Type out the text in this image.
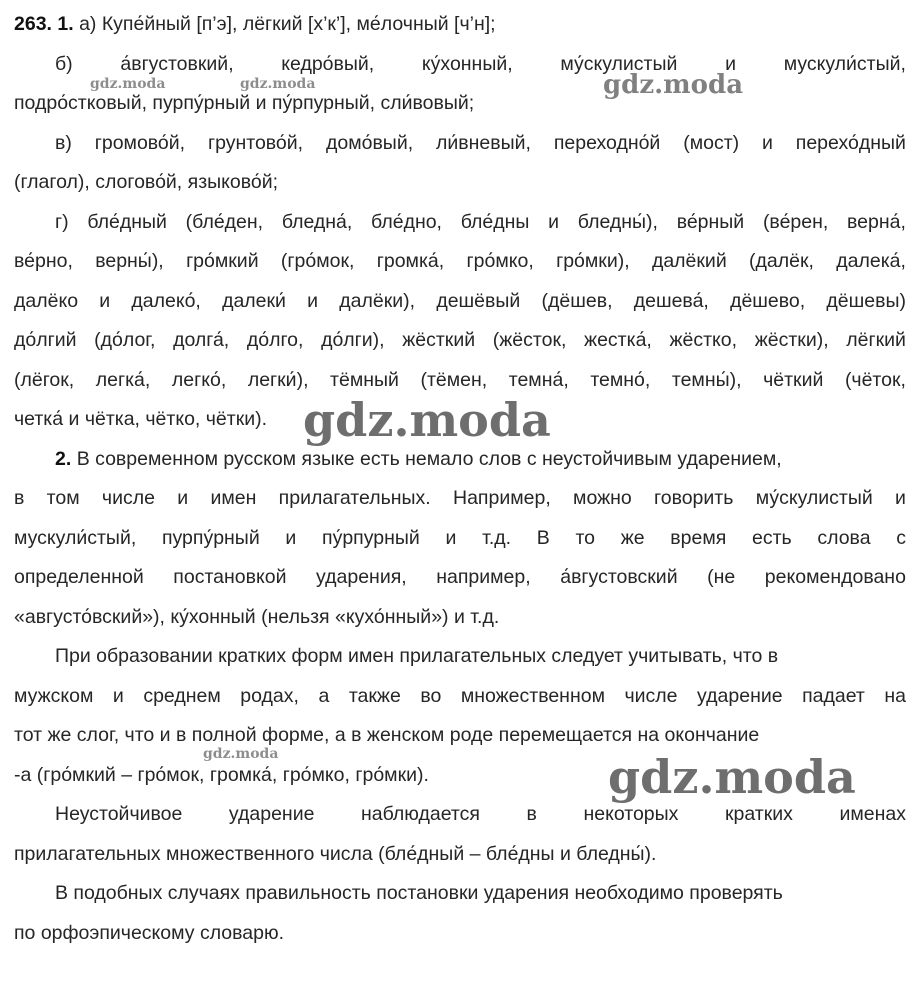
263. 1. а) Купе́йный [п’э], лёгкий [х’к’], ме́лочный [ч’н];
б) а́вгустовкий, кедро́вый, ку́хонный, му́скулистый и мускули́стый,
подро́стковый, пурпу́рный и пу́рпурный, сли́вовый;
в) громово́й, грунтово́й, домо́вый, ли́вневый, переходно́й (мост) и перехо́дный
(глагол), слогово́й, языково́й;
г) бле́дный (бле́ден, бледна́, бле́дно, бле́дны и бледны́), ве́рный (ве́рен, верна́,
ве́рно, верны́), гро́мкий (гро́мок, громка́, гро́мко, гро́мки), далёкий (далёк, далека́,
далёко и далеко́, далеки́ и далёки), дешёвый (дёшев, дешева́, дёшево, дёшевы)
до́лгий (до́лог, долга́, до́лго, до́лги), жёсткий (жёсток, жестка́, жёстко, жёстки), лёгкий
(лёгок, легка́, легко́, легки́), тёмный (тёмен, темна́, темно́, темны́), чёткий (чёток,
четка́ и чётка, чётко, чётки).
2. В современном русском языке есть немало слов с неустойчивым ударением,
в том числе и имен прилагательных. Например, можно говорить му́скулистый и
мускули́стый, пурпу́рный и пу́рпурный и т.д. В то же время есть слова с
определенной постановкой ударения, например, а́вгустовский (не рекомендовано
«августо́вский»), ку́хонный (нельзя «кухо́нный») и т.д.
При образовании кратких форм имен прилагательных следует учитывать, что в
мужском и среднем родах, а также во множественном числе ударение падает на
тот же слог, что и в полной форме, а в женском роде перемещается на окончание
-а (гро́мкий – гро́мок, громка́, гро́мко, гро́мки).
Неустойчивое ударение наблюдается в некоторых кратких именах
прилагательных множественного числа (бле́дный – бле́дны и бледны́).
В подобных случаях правильность постановки ударения необходимо проверять
по орфоэпическому словарю.
gdz.moda	gdz.moda	gdz.moda
gdz.moda
gdz.moda	gdz.moda
